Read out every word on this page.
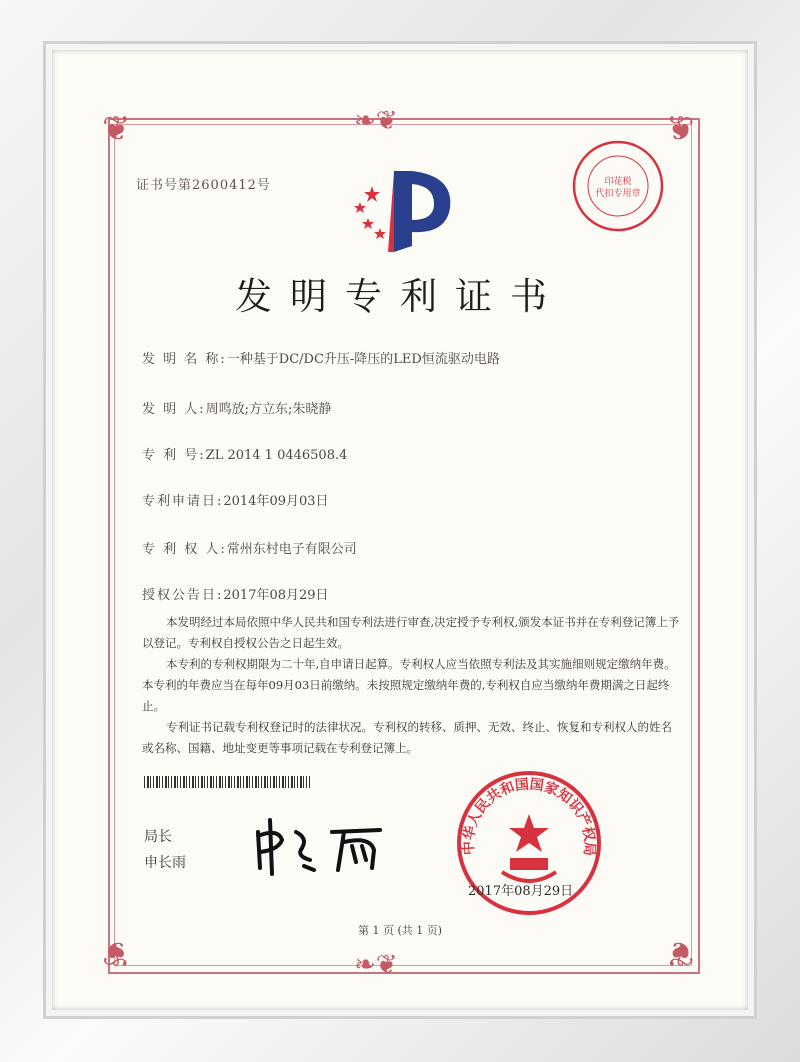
❦	❦
❦	❦
❧❦
❧❦
证书号第2600412号	印花税
代扣专用章
发明专利证书
发 明 名 称:一种基于DC/DC升压-降压的LED恒流驱动电路
发 明 人:周鸣放;方立东;朱晓静
专 利 号:ZL 2014 1 0446508.4
专利申请日:2014年09月03日
专 利 权 人:常州东村电子有限公司
授权公告日:2017年08月29日

本发明经过本局依照中华人民共和国专利法进行审查,决定授予专利权,颁发本证书并在专利登记簿上予以登记。专利权自授权公告之日起生效。

本专利的专利权期限为二十年,自申请日起算。专利权人应当依照专利法及其实施细则规定缴纳年费。本专利的年费应当在每年09月03日前缴纳。未按照规定缴纳年费的,专利权自应当缴纳年费期满之日起终止。

专利证书记载专利权登记时的法律状况。专利权的转移、质押、无效、终止、恢复和专利权人的姓名或名称、国籍、地址变更等事项记载在专利登记簿上。

局长
申长雨
中华人民共和国国家知识产权局
2017年08月29日
第 1 页 (共 1 页)
